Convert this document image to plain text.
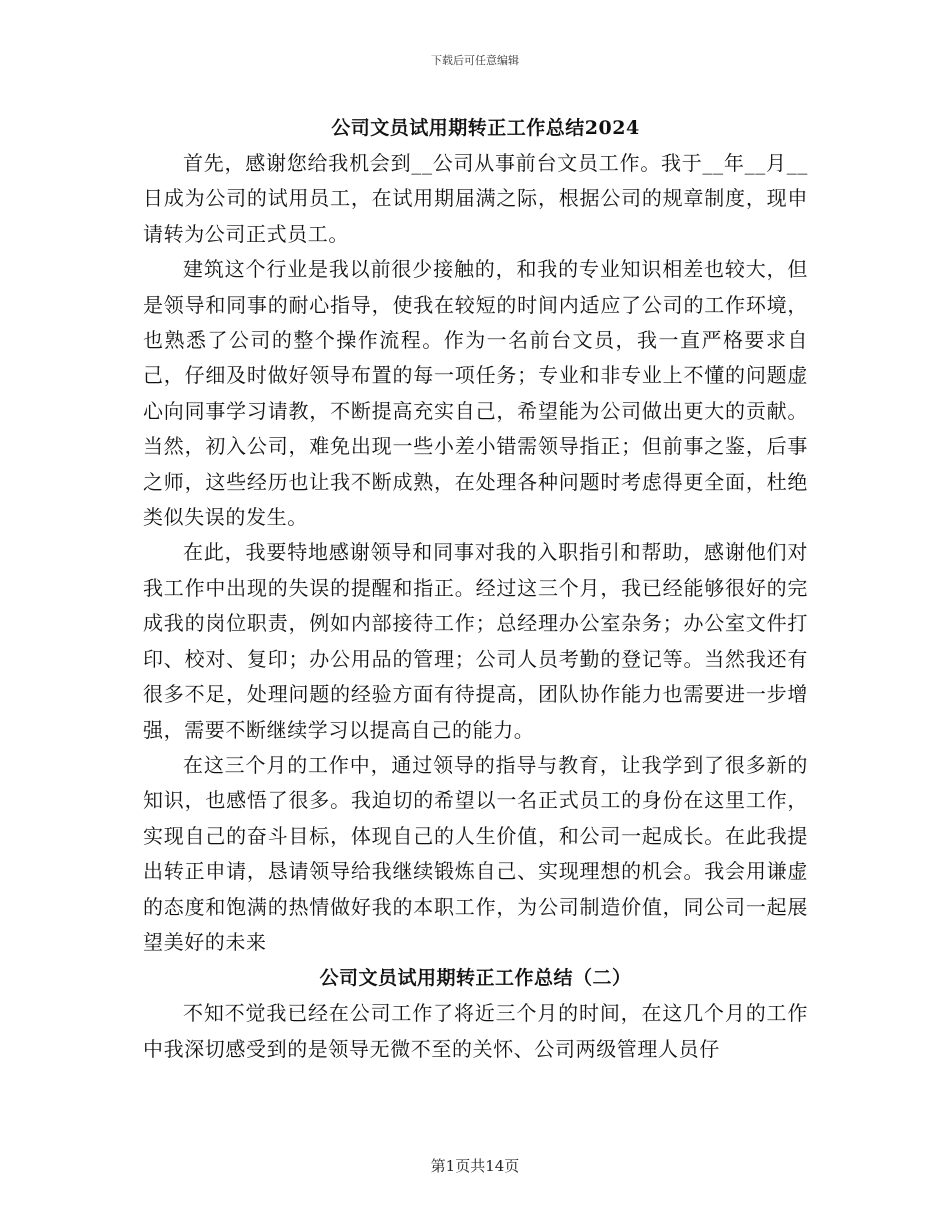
下载后可任意编辑

公司文员试用期转正工作总结2024

首先，感谢您给我机会到__公司从事前台文员工作。我于__年__月__日成为公司的试用员工，在试用期届满之际，根据公司的规章制度，现申请转为公司正式员工。

建筑这个行业是我以前很少接触的，和我的专业知识相差也较大，但是领导和同事的耐心指导，使我在较短的时间内适应了公司的工作环境，也熟悉了公司的整个操作流程。作为一名前台文员，我一直严格要求自己，仔细及时做好领导布置的每一项任务；专业和非专业上不懂的问题虚心向同事学习请教，不断提高充实自己，希望能为公司做出更大的贡献。当然，初入公司，难免出现一些小差小错需领导指正；但前事之鉴，后事之师，这些经历也让我不断成熟，在处理各种问题时考虑得更全面，杜绝类似失误的发生。

在此，我要特地感谢领导和同事对我的入职指引和帮助，感谢他们对我工作中出现的失误的提醒和指正。经过这三个月，我已经能够很好的完成我的岗位职责，例如内部接待工作；总经理办公室杂务；办公室文件打印、校对、复印；办公用品的管理；公司人员考勤的登记等。当然我还有很多不足，处理问题的经验方面有待提高，团队协作能力也需要进一步增强，需要不断继续学习以提高自己的能力。

在这三个月的工作中，通过领导的指导与教育，让我学到了很多新的知识，也感悟了很多。我迫切的希望以一名正式员工的身份在这里工作，实现自己的奋斗目标，体现自己的人生价值，和公司一起成长。在此我提出转正申请，恳请领导给我继续锻炼自己、实现理想的机会。我会用谦虚的态度和饱满的热情做好我的本职工作，为公司制造价值，同公司一起展望美好的未来

公司文员试用期转正工作总结（二）

不知不觉我已经在公司工作了将近三个月的时间，在这几个月的工作中我深切感受到的是领导无微不至的关怀、公司两级管理人员仔

第1页共14页
